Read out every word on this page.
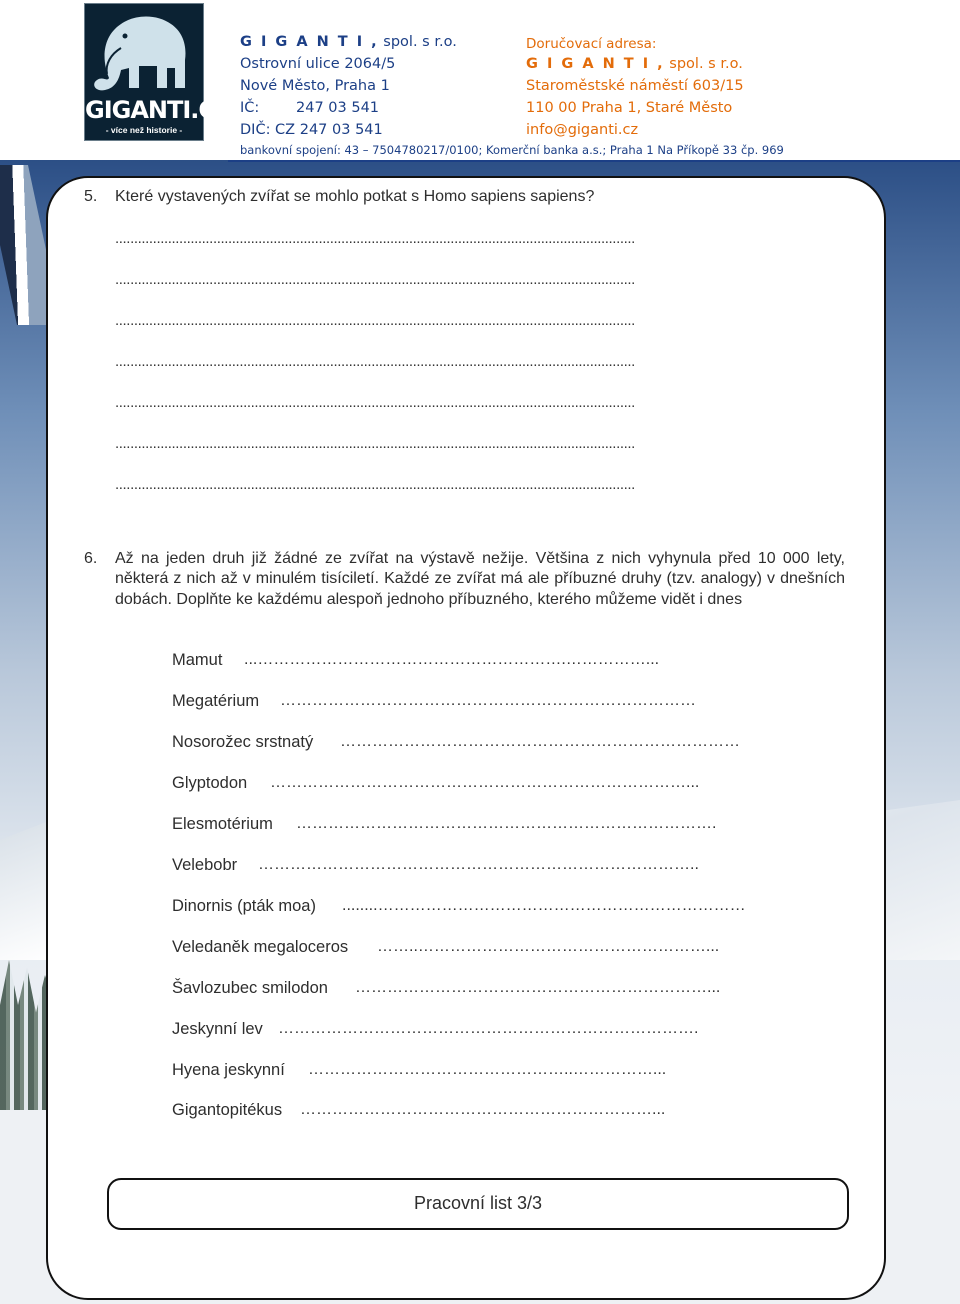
GIGANTI.CZ
- více než historie -
G I G A N T I , spol. s r.o.
Ostrovní ulice 2064/5
Nové Město, Praha 1
IČ:	247 03 541
DIČ: CZ 247 03 541
Doručovací adresa:
G I G A N T I , spol. s r.o.
Staroměstské náměstí 603/15
110 00 Praha 1, Staré Město
info@giganti.cz
bankovní spojení: 43 – 7504780217/0100; Komerční banka a.s.; Praha 1 Na Příkopě 33 čp. 969
5. Které vystavených zvířat se mohlo potkat s Homo sapiens sapiens?
..........................................................................................................................................
..........................................................................................................................................
..........................................................................................................................................
..........................................................................................................................................
..........................................................................................................................................
..........................................................................................................................................
..........................................................................................................................................
6. Až na jeden druh již žádné ze zvířat na výstavě nežije. Většina z nich vyhynula před 10 000 lety, některá z nich až v minulém tisíciletí. Každé ze zvířat má ale příbuzné druhy (tzv. analogy) v dnešních dobách. Doplňte ke každému alespoň jednoho příbuzného, kterého můžeme vidět i dnes
Mamut ...………………………………………………….……………...
Megatérium ……………………………………………………………………
Nosorožec srstnatý …………………………………………………………………
Glyptodon ……………………………………………………………………...
Elesmotérium …………………………………………………………………….
Velebobr ………………………………………………………………………..
Dinornis (pták moa) ........……………………………………………………………
Veledaněk megaloceros ……..………………………………………………...
Šavlozubec smilodon …………………………………………………………...
Jeskynní lev …………………………………………………………………….
Hyena jeskynní …………………………………………..……………...
Gigantopitékus …………………………………………………………...
Pracovní list 3/3
